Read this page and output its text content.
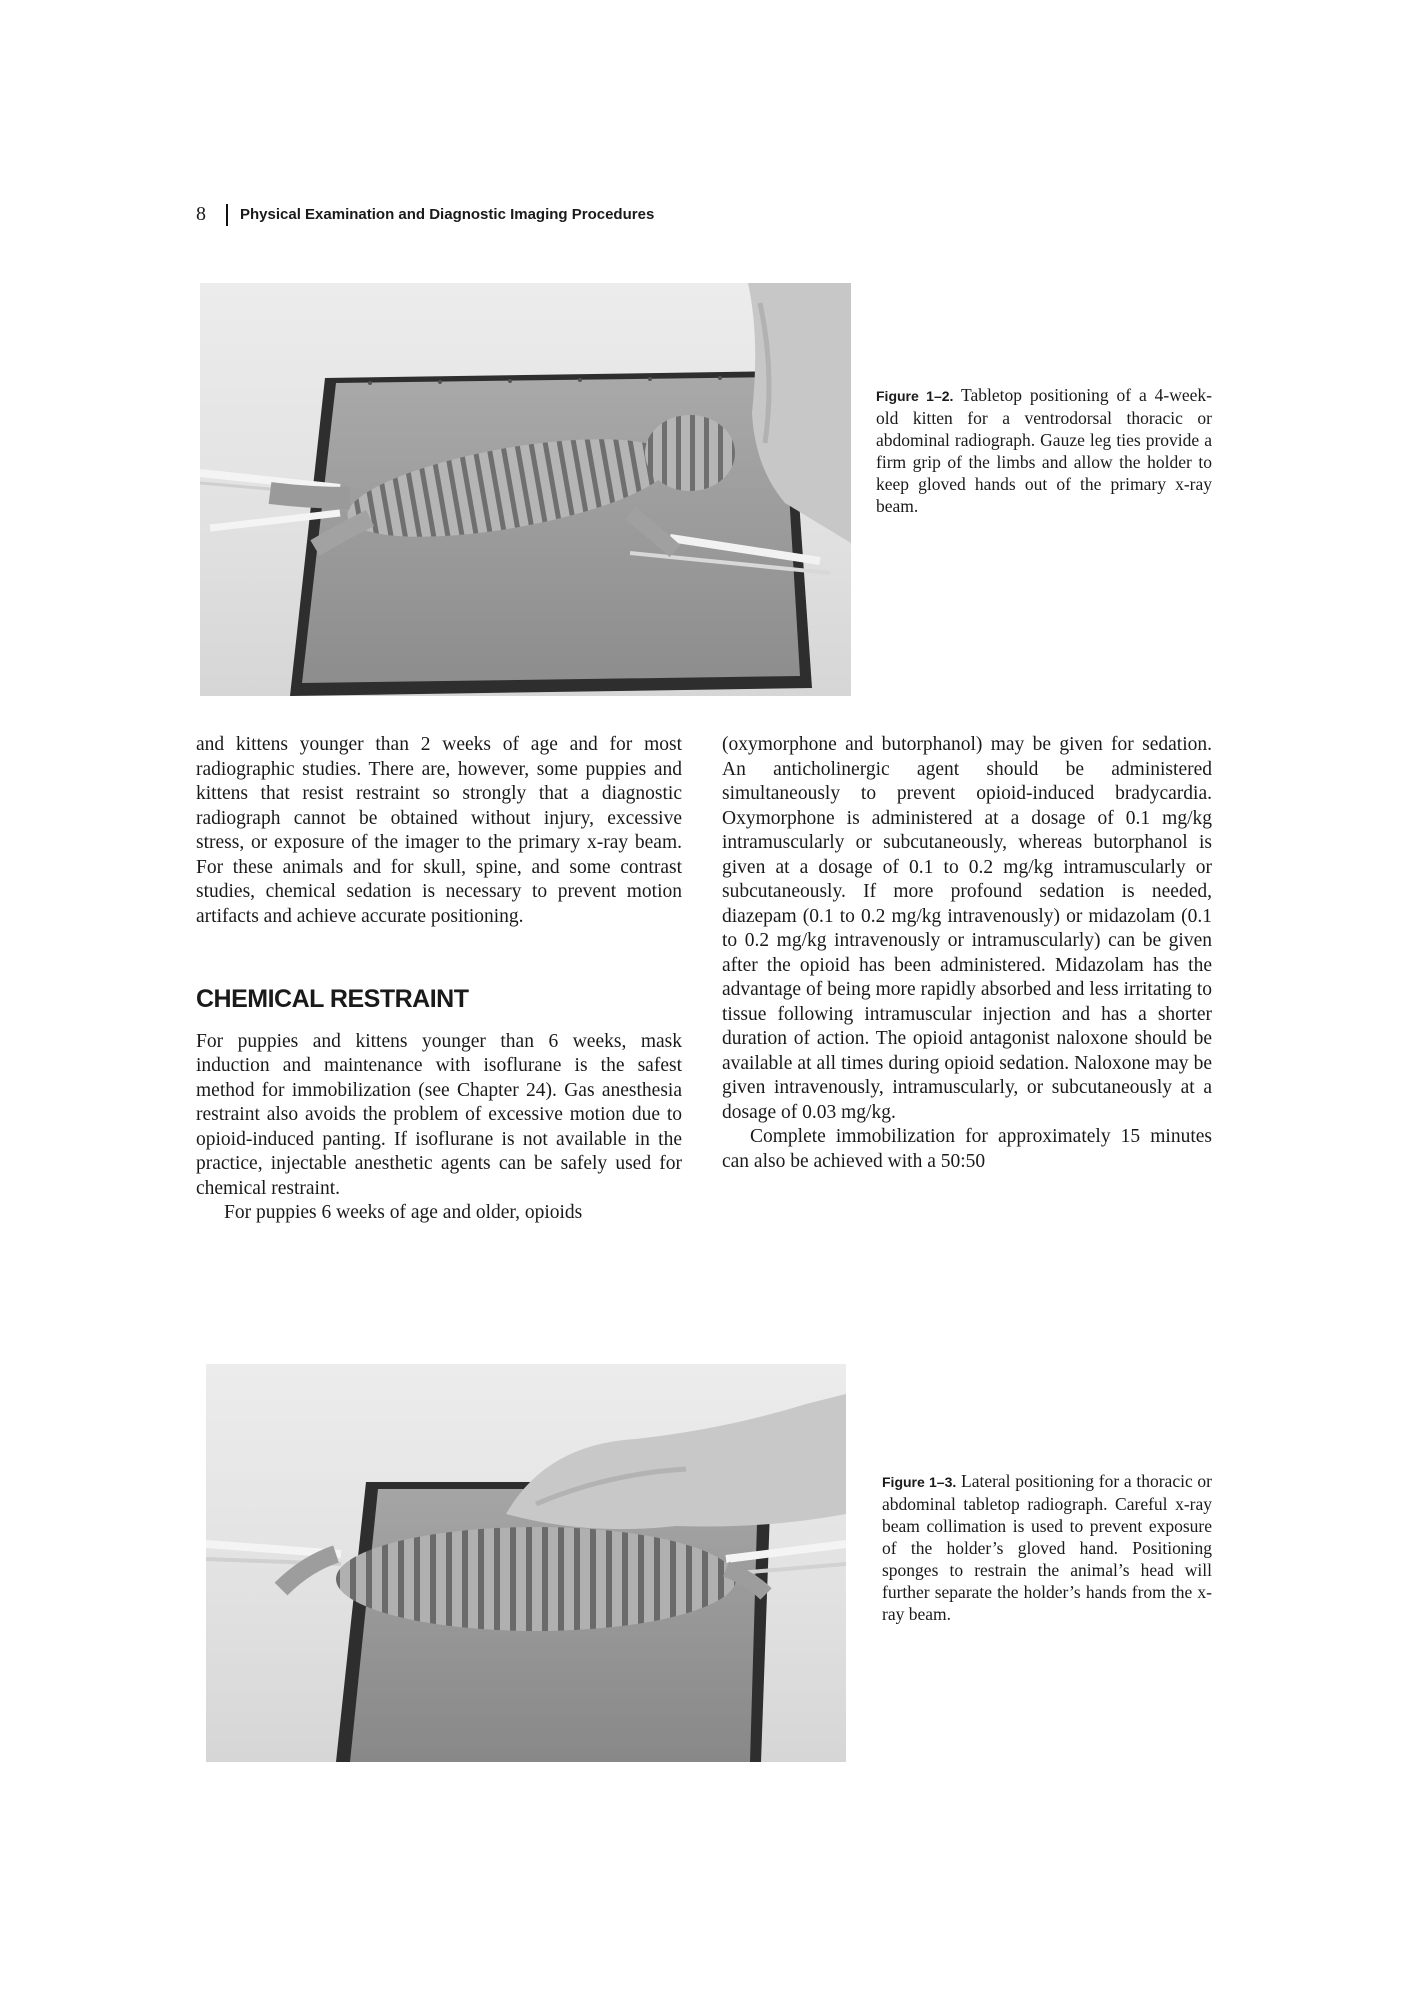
8 Physical Examination and Diagnostic Imaging Procedures
Figure 1–2. Tabletop positioning of a 4-week-old kitten for a ventrodorsal thoracic or abdominal radiograph. Gauze leg ties provide a firm grip of the limbs and allow the holder to keep gloved hands out of the primary x-ray beam.

and kittens younger than 2 weeks of age and for most radiographic studies. There are, however, some puppies and kittens that resist restraint so strongly that a diagnostic radiograph cannot be obtained without injury, excessive stress, or exposure of the imager to the primary x-ray beam. For these animals and for skull, spine, and some contrast studies, chemical sedation is necessary to prevent motion artifacts and achieve accurate positioning.

CHEMICAL RESTRAINT

For puppies and kittens younger than 6 weeks, mask induction and maintenance with isoflurane is the safest method for immobilization (see Chapter 24). Gas anesthesia restraint also avoids the problem of excessive motion due to opioid-induced panting. If isoflurane is not available in the practice, injectable anesthetic agents can be safely used for chemical restraint.

For puppies 6 weeks of age and older, opioids

(oxymorphone and butorphanol) may be given for sedation. An anticholinergic agent should be administered simultaneously to prevent opioid-induced bradycardia. Oxymorphone is administered at a dosage of 0.1 mg/kg intramuscularly or subcutaneously, whereas butorphanol is given at a dosage of 0.1 to 0.2 mg/kg intramuscularly or subcutaneously. If more profound sedation is needed, diazepam (0.1 to 0.2 mg/kg intravenously) or midazolam (0.1 to 0.2 mg/kg intravenously or intramuscularly) can be given after the opioid has been administered. Midazolam has the advantage of being more rapidly absorbed and less irritating to tissue following intramuscular injection and has a shorter duration of action. The opioid antagonist naloxone should be available at all times during opioid sedation. Naloxone may be given intravenously, intramuscularly, or subcutaneously at a dosage of 0.03 mg/kg.

Complete immobilization for approximately 15 minutes can also be achieved with a 50:50

Figure 1–3. Lateral positioning for a thoracic or abdominal tabletop radiograph. Careful x-ray beam collimation is used to prevent exposure of the holder’s gloved hand. Positioning sponges to restrain the animal’s head will further separate the holder’s hands from the x-ray beam.
